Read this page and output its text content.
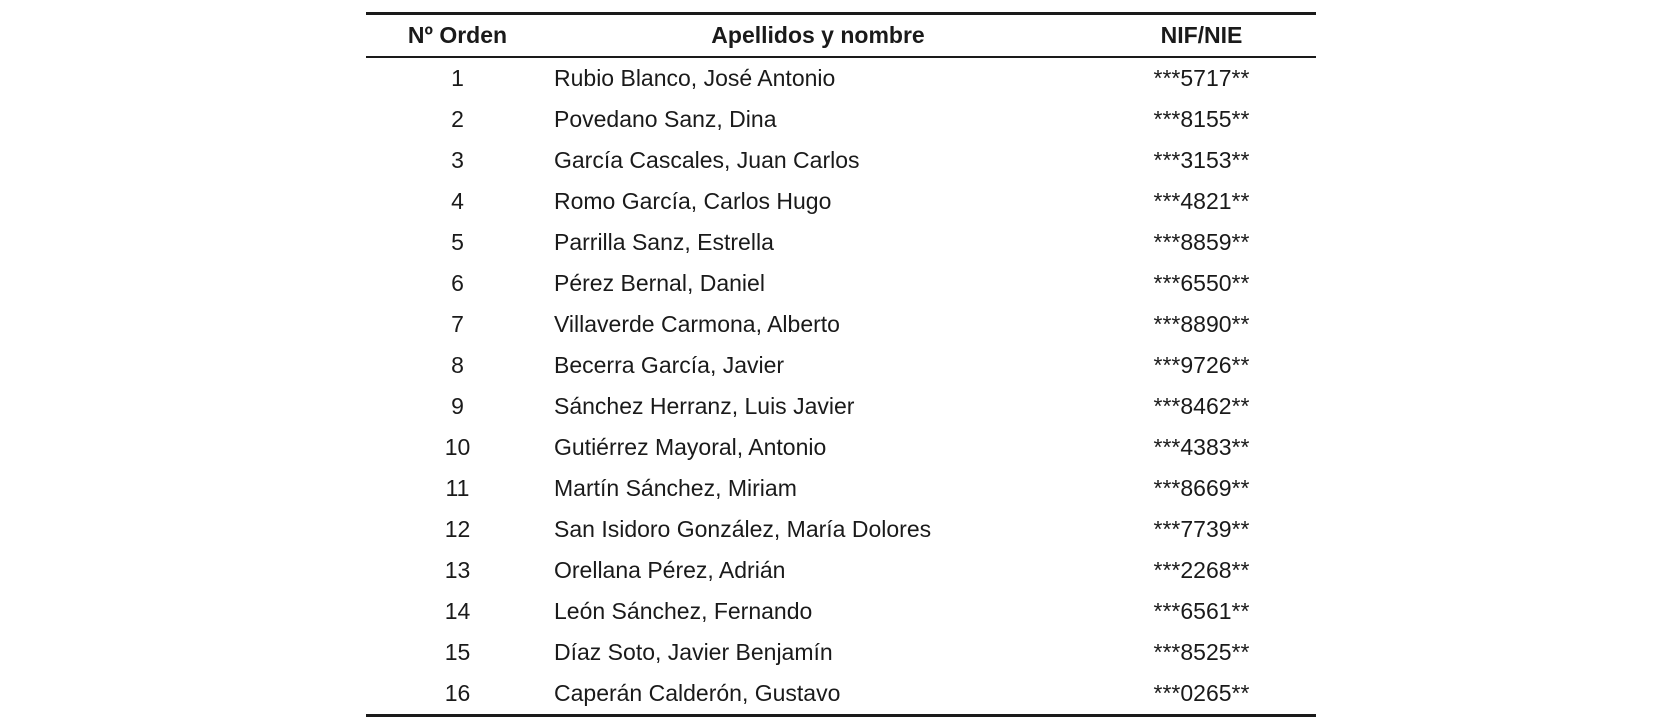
Nº Orden	Apellidos y nombre	NIF/NIE
1	Rubio Blanco, José Antonio	***5717**
2	Povedano Sanz, Dina	***8155**
3	García Cascales, Juan Carlos	***3153**
4	Romo García, Carlos Hugo	***4821**
5	Parrilla Sanz, Estrella	***8859**
6	Pérez Bernal, Daniel	***6550**
7	Villaverde Carmona, Alberto	***8890**
8	Becerra García, Javier	***9726**
9	Sánchez Herranz, Luis Javier	***8462**
10	Gutiérrez Mayoral, Antonio	***4383**
11	Martín Sánchez, Miriam	***8669**
12	San Isidoro González, María Dolores	***7739**
13	Orellana Pérez, Adrián	***2268**
14	León Sánchez, Fernando	***6561**
15	Díaz Soto, Javier Benjamín	***8525**
16	Caperán Calderón, Gustavo	***0265**
